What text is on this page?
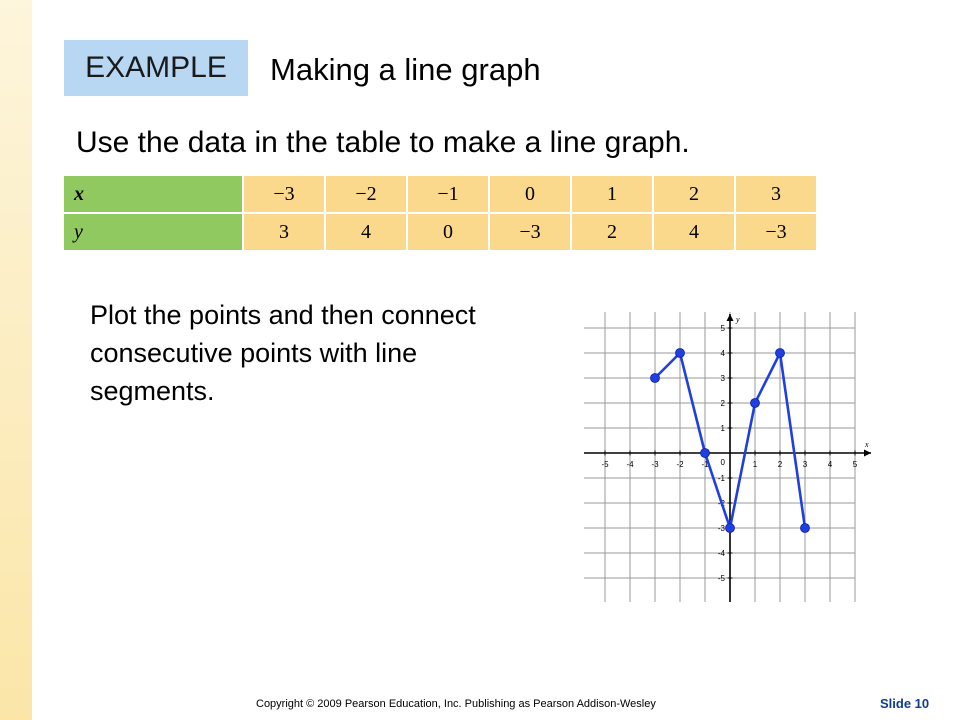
EXAMPLE	Making a line graph
Use the data in the table to make a line graph.
x	−3	−2	−1	0	1	2	3
y	3	4	0	−3	2	4	−3
Plot the points and then connect consecutive points with line segments.
x
y
-5 -4 -3 -2 -1	1	2	3	4	5
5
4
3
2
1
-1
-2
-3
-4
-5
0
Copyright © 2009 Pearson Education, Inc. Publishing as Pearson Addison-Wesley	Slide 10
